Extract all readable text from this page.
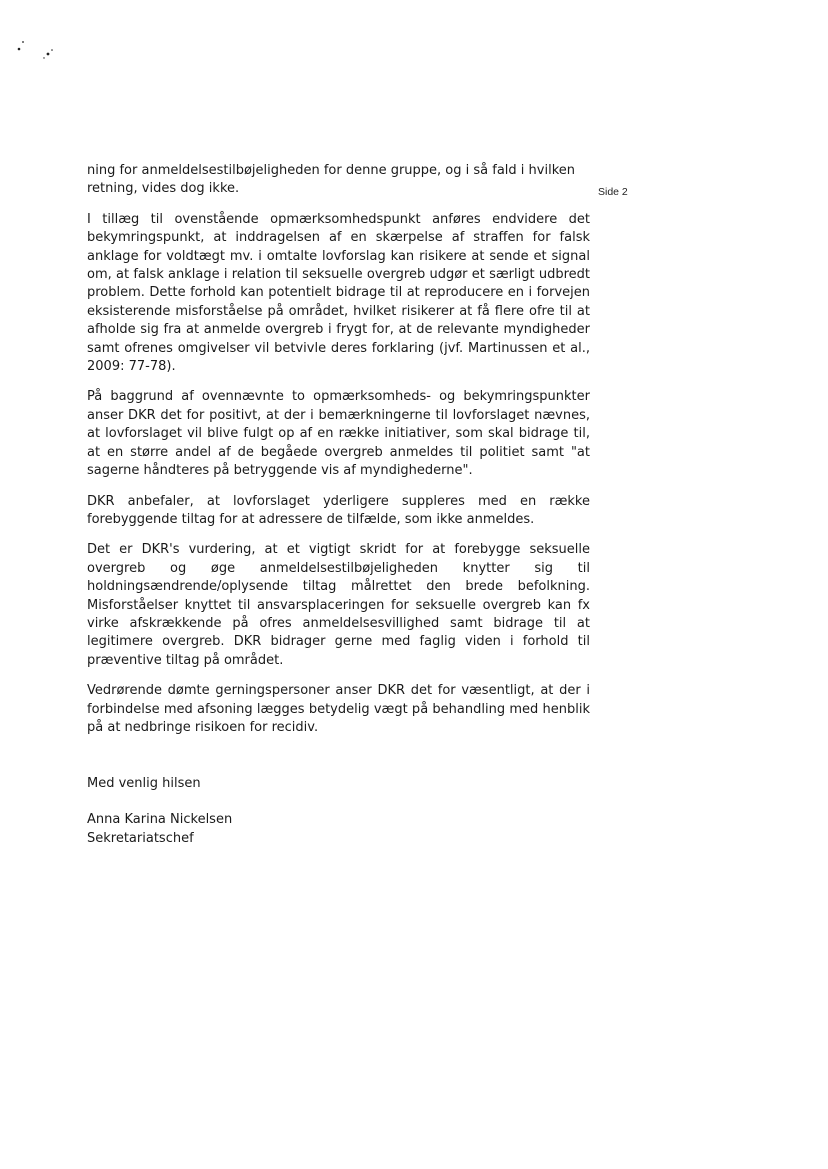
Side 2

ning for anmeldelsestilbøjeligheden for denne gruppe, og i så fald i hvilken retning, vides dog ikke.

I tillæg til ovenstående opmærksomhedspunkt anføres endvidere det bekymringspunkt, at inddragelsen af en skærpelse af straffen for falsk anklage for voldtægt mv. i omtalte lovforslag kan risikere at sende et signal om, at falsk anklage i relation til seksuelle overgreb udgør et særligt udbredt problem. Dette forhold kan potentielt bidrage til at reproducere en i forvejen eksisterende misforståelse på området, hvilket risikerer at få flere ofre til at afholde sig fra at anmelde overgreb i frygt for, at de relevante myndigheder samt ofrenes omgivelser vil betvivle deres forklaring (jvf. Martinussen et al., 2009: 77-78).

På baggrund af ovennævnte to opmærksomheds- og bekymringspunkter anser DKR det for positivt, at der i bemærkningerne til lovforslaget nævnes, at lovforslaget vil blive fulgt op af en række initiativer, som skal bidrage til, at en større andel af de begåede overgreb anmeldes til politiet samt "at sagerne håndteres på betryggende vis af myndighederne".

DKR anbefaler, at lovforslaget yderligere suppleres med en række forebyggende tiltag for at adressere de tilfælde, som ikke anmeldes.

Det er DKR's vurdering, at et vigtigt skridt for at forebygge seksuelle overgreb og øge anmeldelsestilbøjeligheden knytter sig til holdningsændrende/oplysende tiltag målrettet den brede befolkning. Misforståelser knyttet til ansvarsplaceringen for seksuelle overgreb kan fx virke afskrækkende på ofres anmeldelsesvillighed samt bidrage til at legitimere overgreb. DKR bidrager gerne med faglig viden i forhold til præventive tiltag på området.

Vedrørende dømte gerningspersoner anser DKR det for væsentligt, at der i forbindelse med afsoning lægges betydelig vægt på behandling med henblik på at nedbringe risikoen for recidiv.

Med venlig hilsen

Anna Karina Nickelsen

Sekretariatschef
